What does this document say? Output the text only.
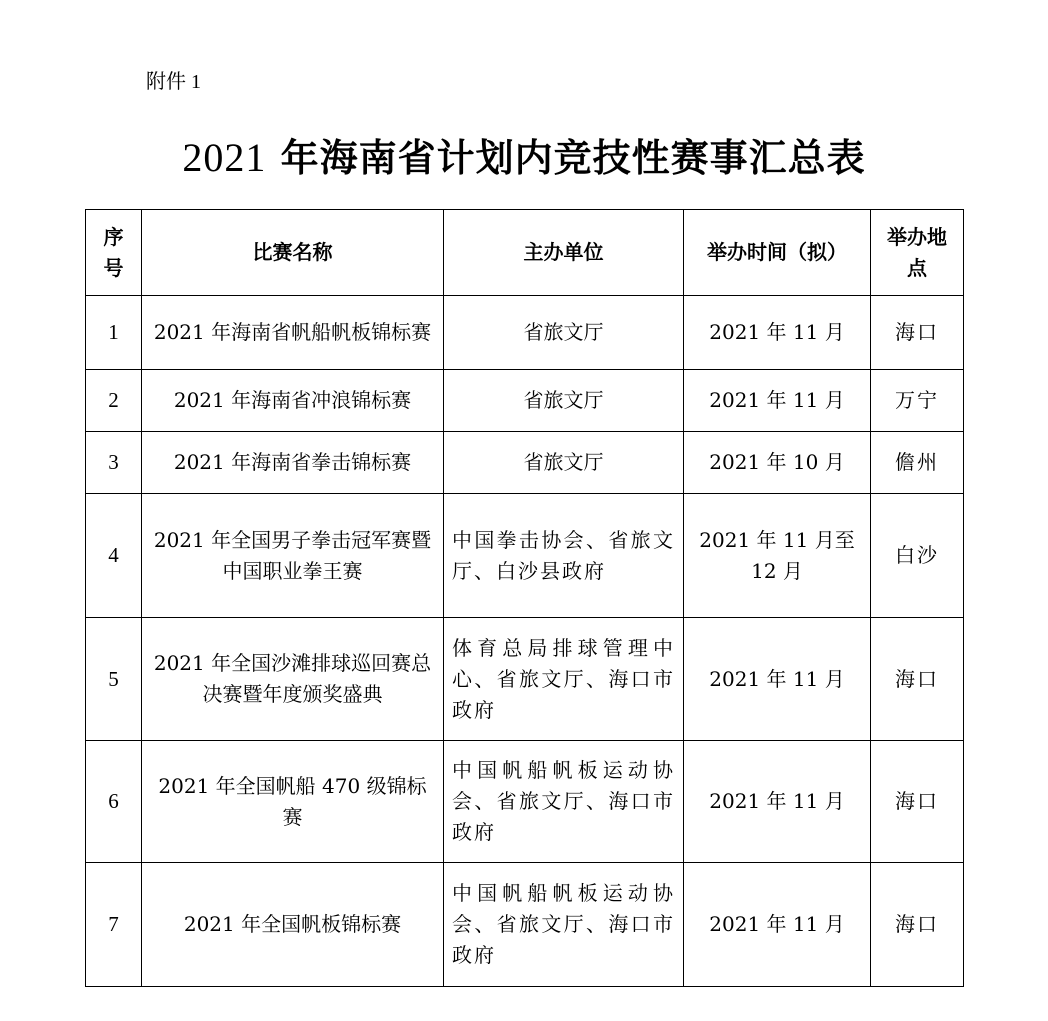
附件 1
2021 年海南省计划内竞技性赛事汇总表
序号	比赛名称	主办单位	举办时间（拟）	举办地点
1	2021 年海南省帆船帆板锦标赛	省旅文厅	2021 年 11 月	海口
2	2021 年海南省冲浪锦标赛	省旅文厅	2021 年 11 月	万宁
3	2021 年海南省拳击锦标赛	省旅文厅	2021 年 10 月	儋州
4	2021 年全国男子拳击冠军赛暨中国职业拳王赛	中国拳击协会、省旅文厅、白沙县政府	2021 年 11 月至 12 月	白沙
5	2021 年全国沙滩排球巡回赛总决赛暨年度颁奖盛典	体育总局排球管理中心、省旅文厅、海口市政府	2021 年 11 月	海口
6	2021 年全国帆船 470 级锦标赛	中国帆船帆板运动协会、省旅文厅、海口市政府	2021 年 11 月	海口
7	2021 年全国帆板锦标赛	中国帆船帆板运动协会、省旅文厅、海口市政府	2021 年 11 月	海口
